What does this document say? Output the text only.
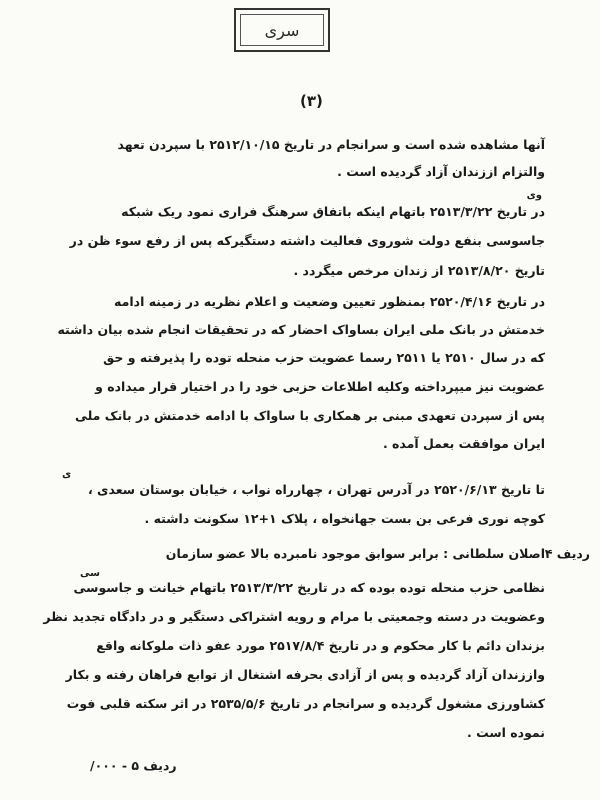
سری
(۳)
آنها مشاهده شده است و سرانجام در تاریخ ۲۵۱۲/۱۰/۱۵ با سپردن تعهد
والتزام اززندان آزاد گردیده است .
وی
در تاریخ ۲۵۱۳/۳/۲۲ باتهام اینکه باتفاق سرهنگ فراری نمود ریک شبکه
جاسوسی بنفع دولت شوروی فعالیت داشته دستگیرکه پس از رفع سوء ظن در
تاریخ ۲۵۱۳/۸/۲۰ از زندان مرخص میگردد .
در تاریخ ۲۵۲۰/۴/۱۶ بمنظور تعیین وضعیت و اعلام نظریه در زمینه ادامه
خدمتش در بانک ملی ایران بساواک احضار که در تحقیقات انجام شده بیان داشته
که در سال ۲۵۱۰ یا ۲۵۱۱ رسما عضویت حزب منحله توده را پذیرفته و حق
عضویت نیز میپرداخته وکلیه اطلاعات حزبی خود را در اختیار قرار میداده و
پس از سپردن تعهدی مبنی بر همکاری با ساواک با ادامه خدمتش در بانک ملی
ایران موافقت بعمل آمده .
ی
تا تاریخ ۲۵۲۰/۶/۱۳ در آدرس تهران ، چهارراه نواب ، خیابان بوستان سعدی ،
کوچه نوری فرعی بن بست جهانخواه ، پلاک ۱+۱۲ سکونت داشته .
ردیف ۴
اصلان سلطانی : برابر سوابق موجود نامبرده بالا عضو سازمان
سی
نظامی حزب منحله توده بوده که در تاریخ ۲۵۱۳/۳/۲۲ باتهام خیانت و جاسوسی
وعضویت در دسته وجمعیتی با مرام و رویه اشتراکی دستگیر و در دادگاه تجدید نظر
بزندان دائم با کار محکوم و در تاریخ ۲۵۱۷/۸/۴ مورد عفو ذات ملوکانه واقع
واززندان آزاد گردیده و پس از آزادی بحرفه اشتغال از توابع فراهان رفته و بکار
کشاورزی مشغول گردیده و سرانجام در تاریخ ۲۵۳۵/۵/۶ در اثر سکته قلبی فوت
نموده است .
ردیف ۵ - ۰۰۰/
